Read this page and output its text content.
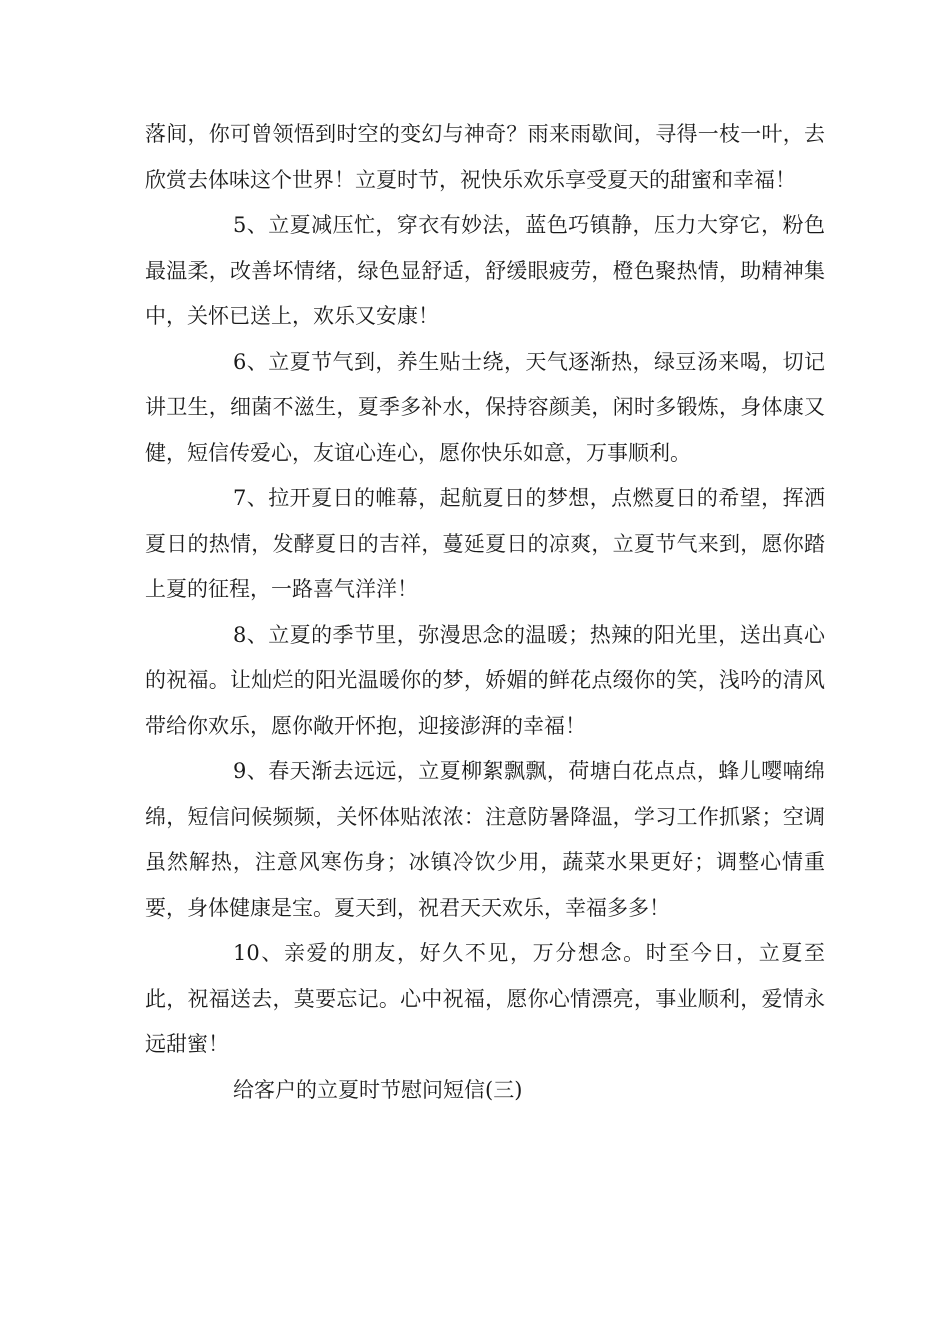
落间，你可曾领悟到时空的变幻与神奇？雨来雨歇间，寻得一枝一叶，去欣赏去体味这个世界！立夏时节，祝快乐欢乐享受夏天的甜蜜和幸福！

5、立夏减压忙，穿衣有妙法，蓝色巧镇静，压力大穿它，粉色最温柔，改善坏情绪，绿色显舒适，舒缓眼疲劳，橙色聚热情，助精神集中，关怀已送上，欢乐又安康！

6、立夏节气到，养生贴士绕，天气逐渐热，绿豆汤来喝，切记讲卫生，细菌不滋生，夏季多补水，保持容颜美，闲时多锻炼，身体康又健，短信传爱心，友谊心连心，愿你快乐如意，万事顺利。

7、拉开夏日的帷幕，起航夏日的梦想，点燃夏日的希望，挥洒夏日的热情，发酵夏日的吉祥，蔓延夏日的凉爽，立夏节气来到，愿你踏上夏的征程，一路喜气洋洋！

8、立夏的季节里，弥漫思念的温暖；热辣的阳光里，送出真心的祝福。让灿烂的阳光温暖你的梦，娇媚的鲜花点缀你的笑，浅吟的清风带给你欢乐，愿你敞开怀抱，迎接澎湃的幸福！

9、春天渐去远远，立夏柳絮飘飘，荷塘白花点点，蜂儿嘤喃绵绵，短信问候频频，关怀体贴浓浓：注意防暑降温，学习工作抓紧；空调虽然解热，注意风寒伤身；冰镇冷饮少用，蔬菜水果更好；调整心情重要，身体健康是宝。夏天到，祝君天天欢乐，幸福多多！

10、亲爱的朋友，好久不见，万分想念。时至今日，立夏至此，祝福送去，莫要忘记。心中祝福，愿你心情漂亮，事业顺利，爱情永远甜蜜！

给客户的立夏时节慰问短信(三)
